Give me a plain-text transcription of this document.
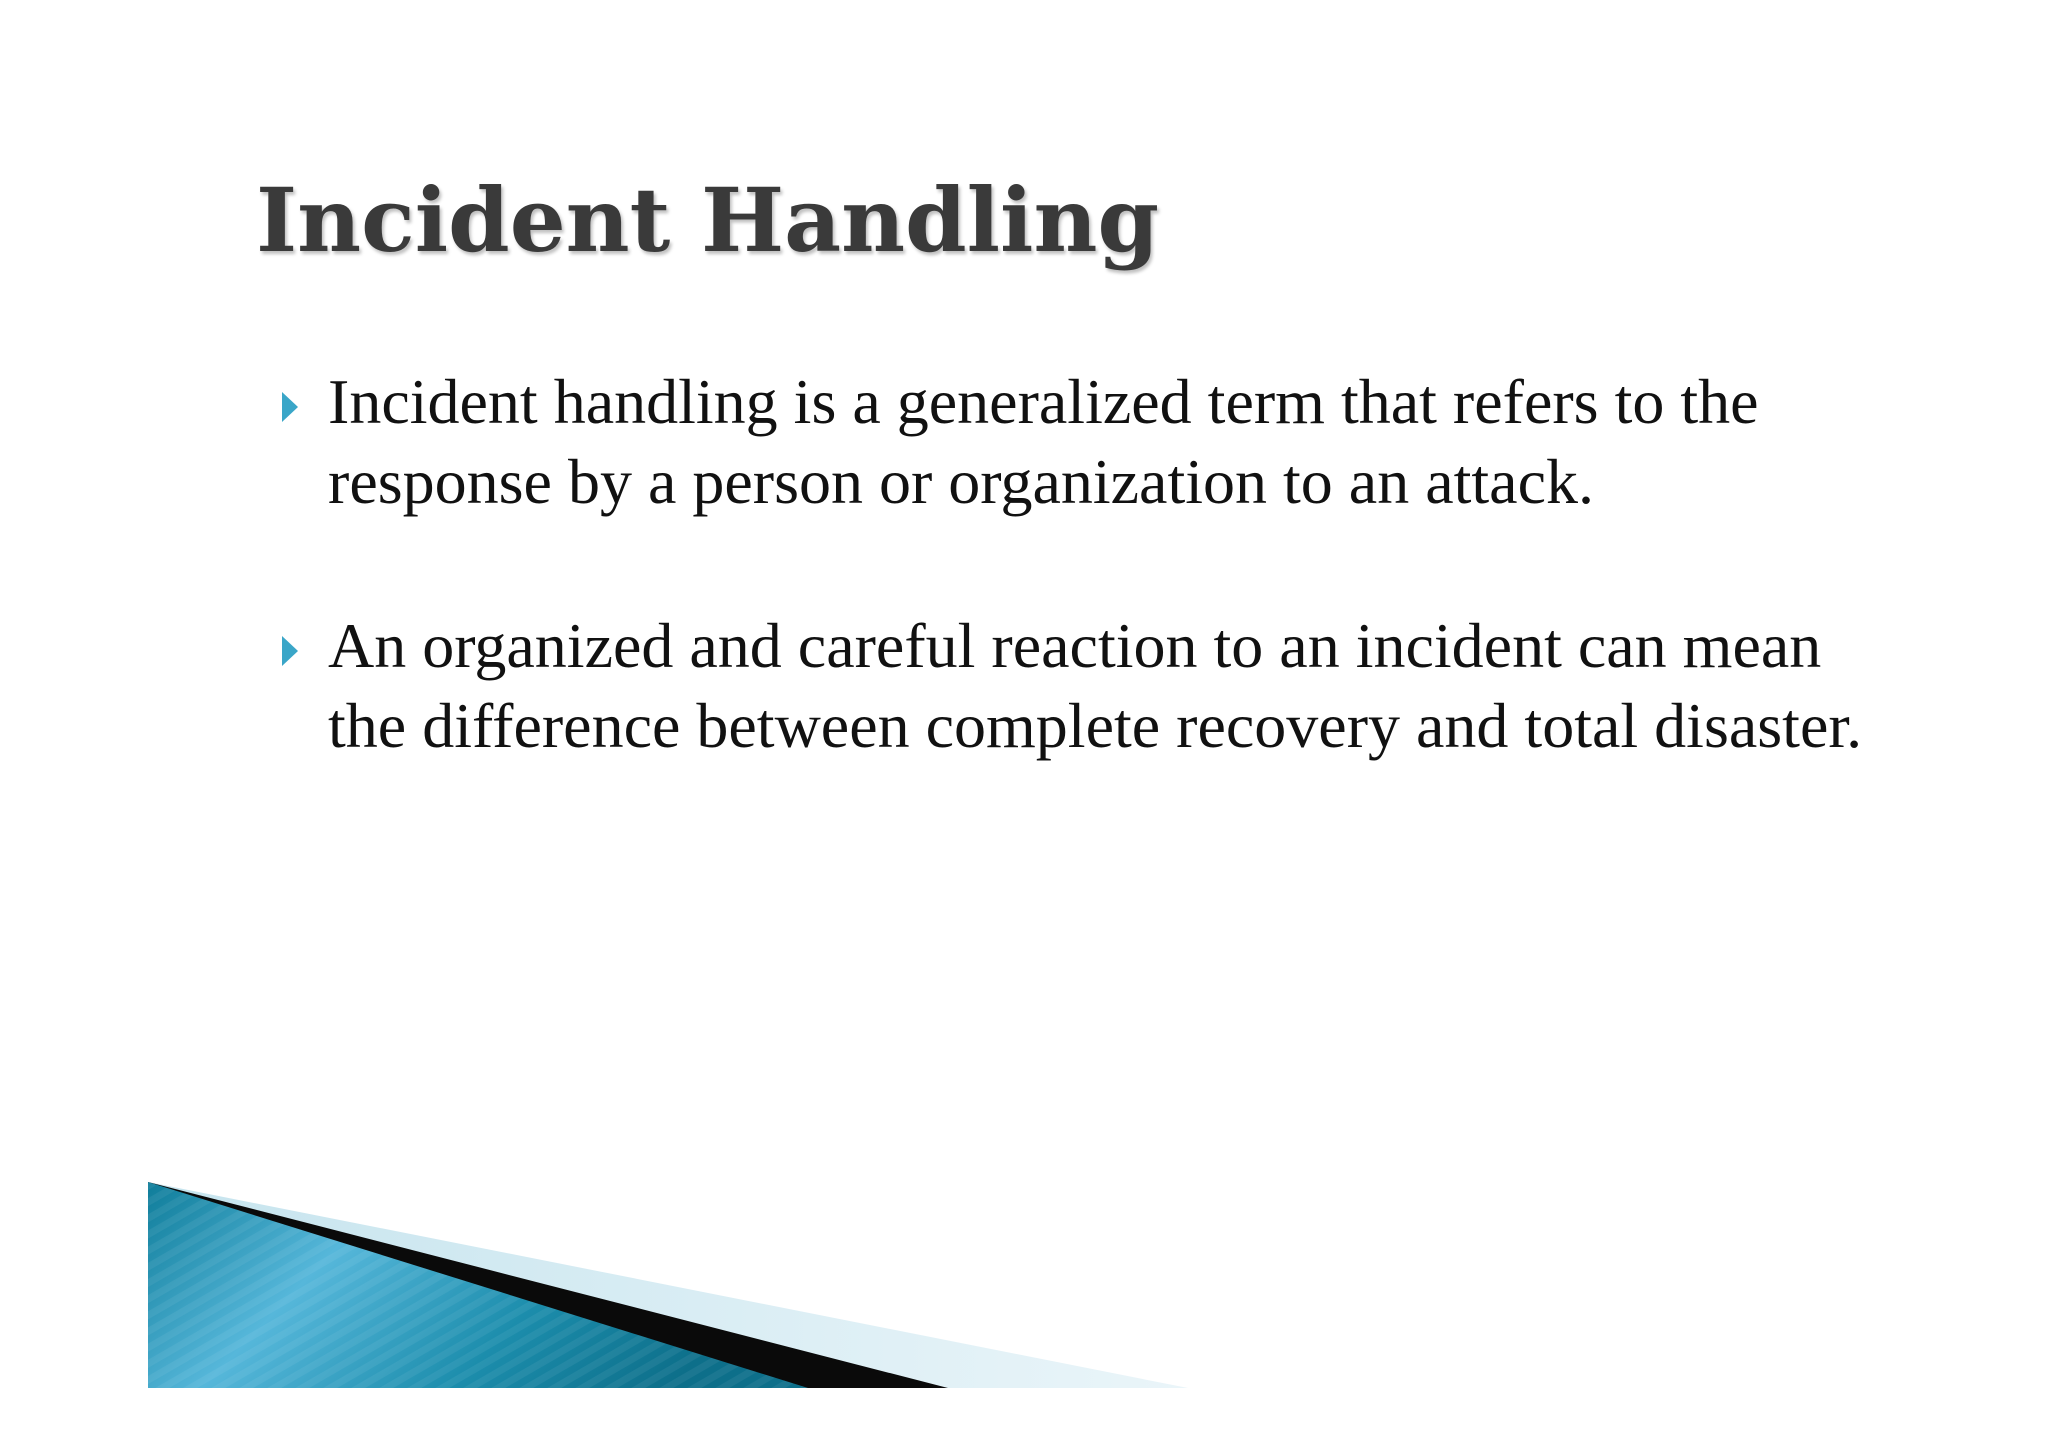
Incident Handling
Incident handling is a generalized term that refers to the response by a person or organization to an attack.
An organized and careful reaction to an incident can mean the difference between complete recovery and total disaster.
